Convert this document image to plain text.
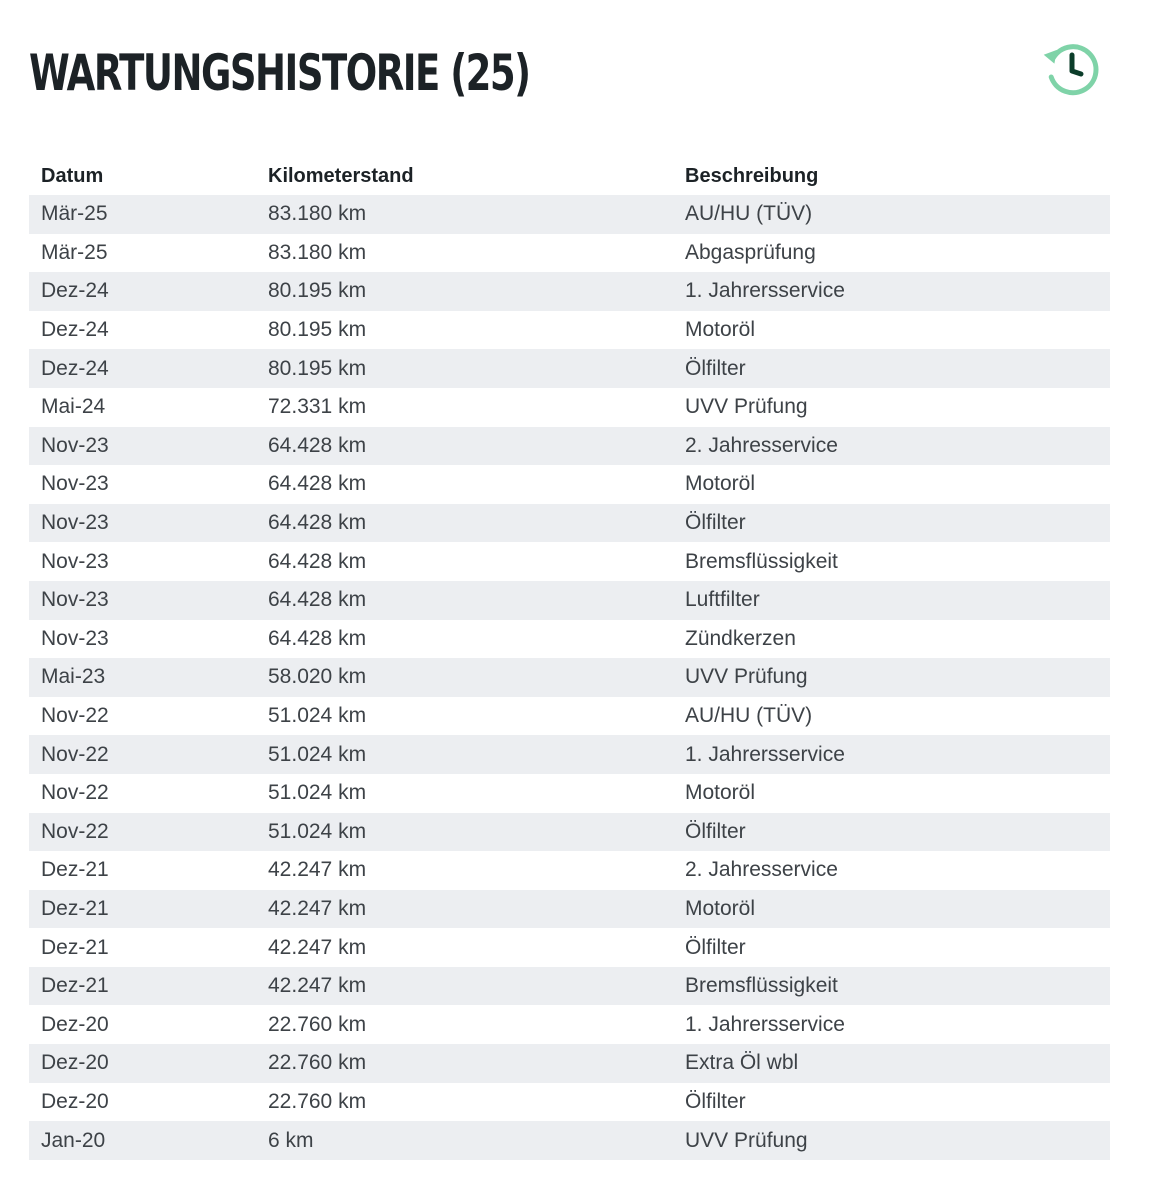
WARTUNGSHISTORIE (25)
Datum	Kilometerstand	Beschreibung
Mär-25	83.180 km	AU/HU (TÜV)
Mär-25	83.180 km	Abgasprüfung
Dez-24	80.195 km	1. Jahrersservice
Dez-24	80.195 km	Motoröl
Dez-24	80.195 km	Ölfilter
Mai-24	72.331 km	UVV Prüfung
Nov-23	64.428 km	2. Jahresservice
Nov-23	64.428 km	Motoröl
Nov-23	64.428 km	Ölfilter
Nov-23	64.428 km	Bremsflüssigkeit
Nov-23	64.428 km	Luftfilter
Nov-23	64.428 km	Zündkerzen
Mai-23	58.020 km	UVV Prüfung
Nov-22	51.024 km	AU/HU (TÜV)
Nov-22	51.024 km	1. Jahrersservice
Nov-22	51.024 km	Motoröl
Nov-22	51.024 km	Ölfilter
Dez-21	42.247 km	2. Jahresservice
Dez-21	42.247 km	Motoröl
Dez-21	42.247 km	Ölfilter
Dez-21	42.247 km	Bremsflüssigkeit
Dez-20	22.760 km	1. Jahrersservice
Dez-20	22.760 km	Extra Öl wbl
Dez-20	22.760 km	Ölfilter
Jan-20	6 km	UVV Prüfung
